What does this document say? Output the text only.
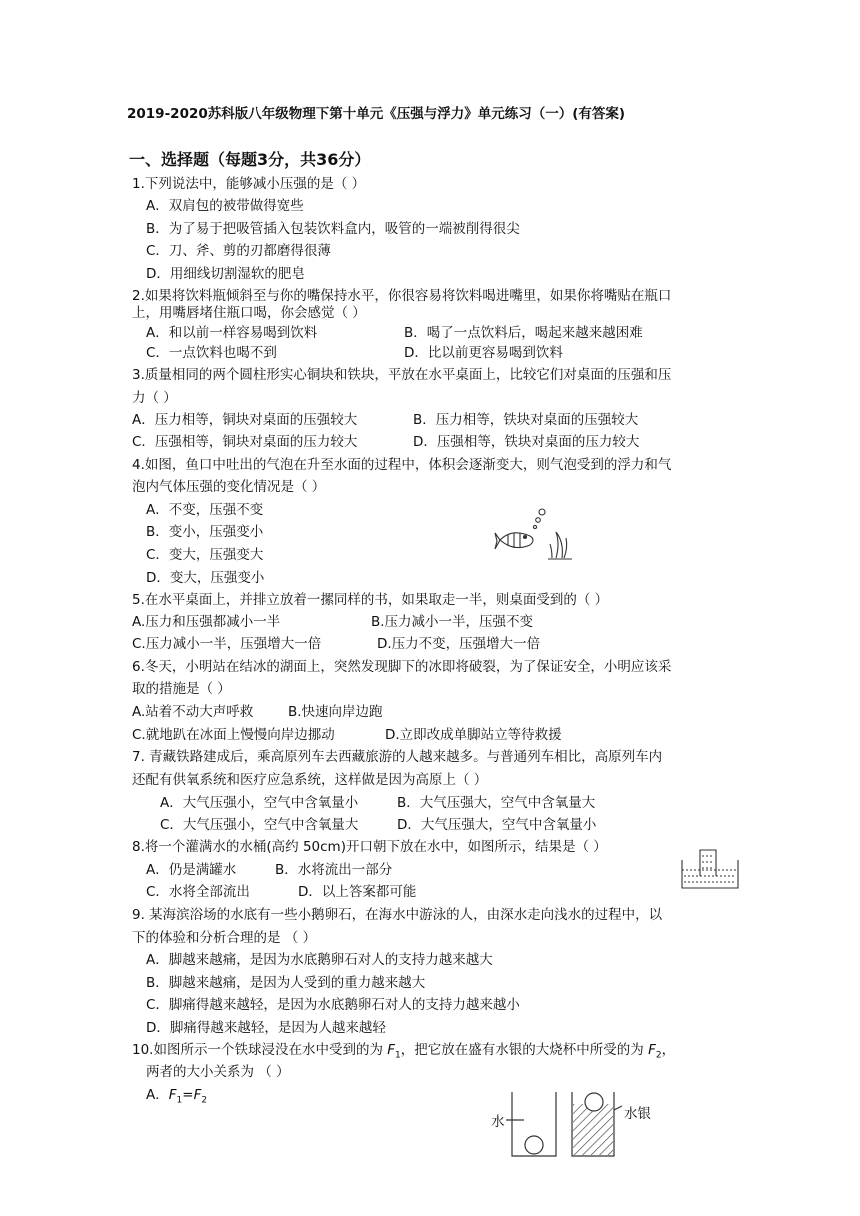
2019-2020苏科版八年级物理下第十单元《压强与浮力》单元练习（一）(有答案)
一、选择题（每题3分，共36分）
1.下列说法中，能够减小压强的是（ ）
A．双肩包的被带做得宽些
B．为了易于把吸管插入包装饮料盒内，吸管的一端被削得很尖
C．刀、斧、剪的刃都磨得很薄
D．用细线切割湿软的肥皂
2.如果将饮料瓶倾斜至与你的嘴保持水平，你很容易将饮料喝进嘴里，如果你将嘴贴在瓶口
上，用嘴唇堵住瓶口喝，你会感觉（ ）
A．和以前一样容易喝到饮料	B．喝了一点饮料后，喝起来越来越困难
C．一点饮料也喝不到	D．比以前更容易喝到饮料
3.质量相同的两个圆柱形实心铜块和铁块，平放在水平桌面上，比较它们对桌面的压强和压
力（ ）
A．压力相等，铜块对桌面的压强较大	B．压力相等，铁块对桌面的压强较大
C．压强相等，铜块对桌面的压力较大	D．压强相等，铁块对桌面的压力较大
4.如图，鱼口中吐出的气泡在升至水面的过程中，体积会逐渐变大，则气泡受到的浮力和气
泡内气体压强的变化情况是（ ）
A．不变，压强不变
B．变小，压强变小
C．变大，压强变大
D．变大，压强变小
5.在水平桌面上，并排立放着一摞同样的书，如果取走一半，则桌面受到的（ ）
A.压力和压强都减小一半	B.压力减小一半，压强不变
C.压力减小一半，压强增大一倍	D.压力不变，压强增大一倍
6.冬天，小明站在结冰的湖面上，突然发现脚下的冰即将破裂，为了保证安全，小明应该采
取的措施是（ ）
A.站着不动大声呼救	B.快速向岸边跑
C.就地趴在冰面上慢慢向岸边挪动	D.立即改成单脚站立等待救援
7. 青藏铁路建成后，乘高原列车去西藏旅游的人越来越多。与普通列车相比，高原列车内
还配有供氧系统和医疗应急系统，这样做是因为高原上（ ）
A．大气压强小，空气中含氧量小	B．大气压强大，空气中含氧量大
C．大气压强小，空气中含氧量大	D．大气压强大，空气中含氧量小
8.将一个灌满水的水桶(高约 50cm)开口朝下放在水中，如图所示，结果是（ ）
A．仍是满罐水	B．水将流出一部分
C．水将全部流出	D．以上答案都可能
9. 某海滨浴场的水底有一些小鹅卵石，在海水中游泳的人，由深水走向浅水的过程中，以
下的体验和分析合理的是 （ ）
A．脚越来越痛，是因为水底鹅卵石对人的支持力越来越大
B．脚越来越痛，是因为人受到的重力越来越大
C．脚痛得越来越轻，是因为水底鹅卵石对人的支持力越来越小
D．脚痛得越来越轻，是因为人越来越轻
10.如图所示一个铁球浸没在水中受到的为 $F_1$，把它放在盛有水银的大烧杯中所受的为 $F_2$，
两者的大小关系为 （ ）
A．$F_1=F_2$
水	水银
